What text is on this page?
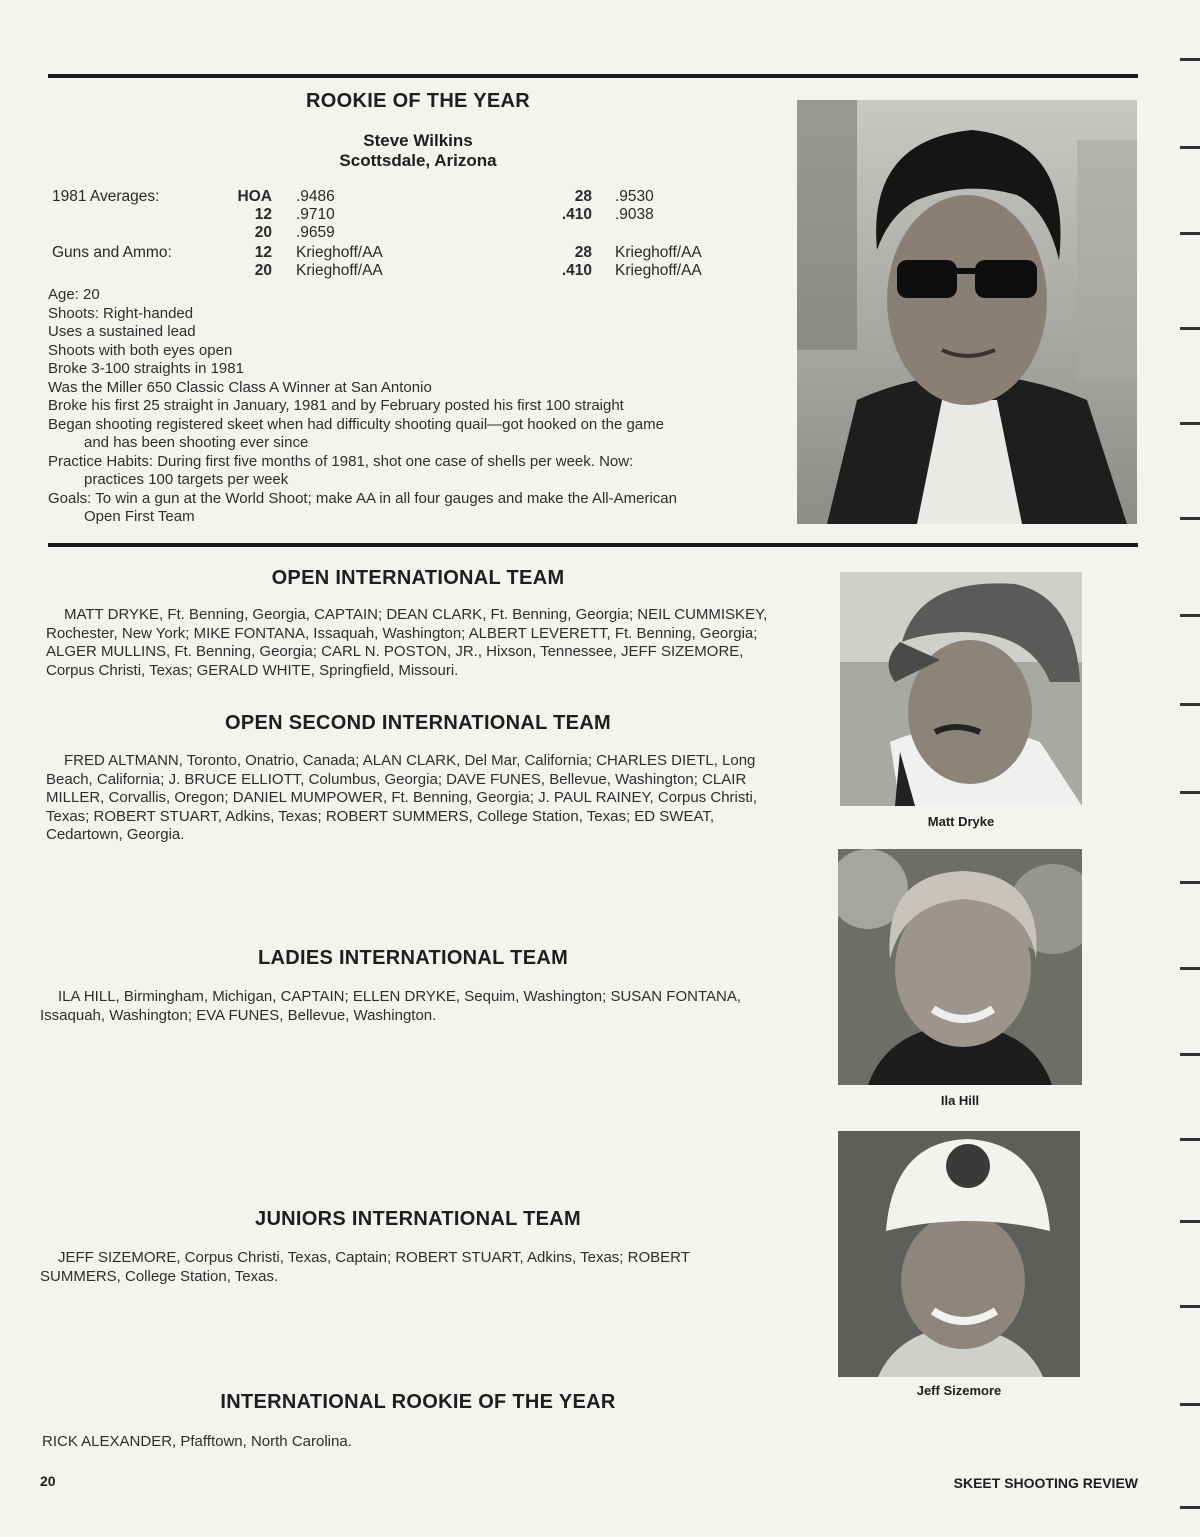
ROOKIE OF THE YEAR
Steve Wilkins
Scottsdale, Arizona
1981 Averages:
Guns and Ammo:
HOA .9486
12 .9710
20 .9659
28 .9530
.410 .9038
12 Krieghoff/AA
20 Krieghoff/AA
28 Krieghoff/AA
.410 Krieghoff/AA

Age: 20

Shoots: Right-handed

Uses a sustained lead

Shoots with both eyes open

Broke 3-100 straights in 1981

Was the Miller 650 Classic Class A Winner at San Antonio

Broke his first 25 straight in January, 1981 and by February posted his first 100 straight

Began shooting registered skeet when had difficulty shooting quail—got hooked on the game

and has been shooting ever since

Practice Habits: During first five months of 1981, shot one case of shells per week. Now:

practices 100 targets per week

Goals: To win a gun at the World Shoot; make AA in all four gauges and make the All-American

Open First Team

OPEN INTERNATIONAL TEAM

MATT DRYKE, Ft. Benning, Georgia, CAPTAIN; DEAN CLARK, Ft. Benning, Georgia; NEIL CUMMISKEY, Rochester, New York; MIKE FONTANA, Issaquah, Washington; ALBERT LEVERETT, Ft. Benning, Georgia; ALGER MULLINS, Ft. Benning, Georgia; CARL N. POSTON, JR., Hixson, Tennessee, JEFF SIZEMORE, Corpus Christi, Texas; GERALD WHITE, Springfield, Missouri.

OPEN SECOND INTERNATIONAL TEAM

FRED ALTMANN, Toronto, Onatrio, Canada; ALAN CLARK, Del Mar, California; CHARLES DIETL, Long Beach, California; J. BRUCE ELLIOTT, Columbus, Georgia; DAVE FUNES, Bellevue, Washington; CLAIR MILLER, Corvallis, Oregon; DANIEL MUMPOWER, Ft. Benning, Georgia; J. PAUL RAINEY, Corpus Christi, Texas; ROBERT STUART, Adkins, Texas; ROBERT SUMMERS, College Station, Texas; ED SWEAT, Cedartown, Georgia.

LADIES INTERNATIONAL TEAM

ILA HILL, Birmingham, Michigan, CAPTAIN; ELLEN DRYKE, Sequim, Washington; SUSAN FONTANA, Issaquah, Washington; EVA FUNES, Bellevue, Washington.

JUNIORS INTERNATIONAL TEAM

JEFF SIZEMORE, Corpus Christi, Texas, Captain; ROBERT STUART, Adkins, Texas; ROBERT SUMMERS, College Station, Texas.

INTERNATIONAL ROOKIE OF THE YEAR
RICK ALEXANDER, Pfafftown, North Carolina.
Matt Dryke
Ila Hill
Jeff Sizemore
20	SKEET SHOOTING REVIEW
